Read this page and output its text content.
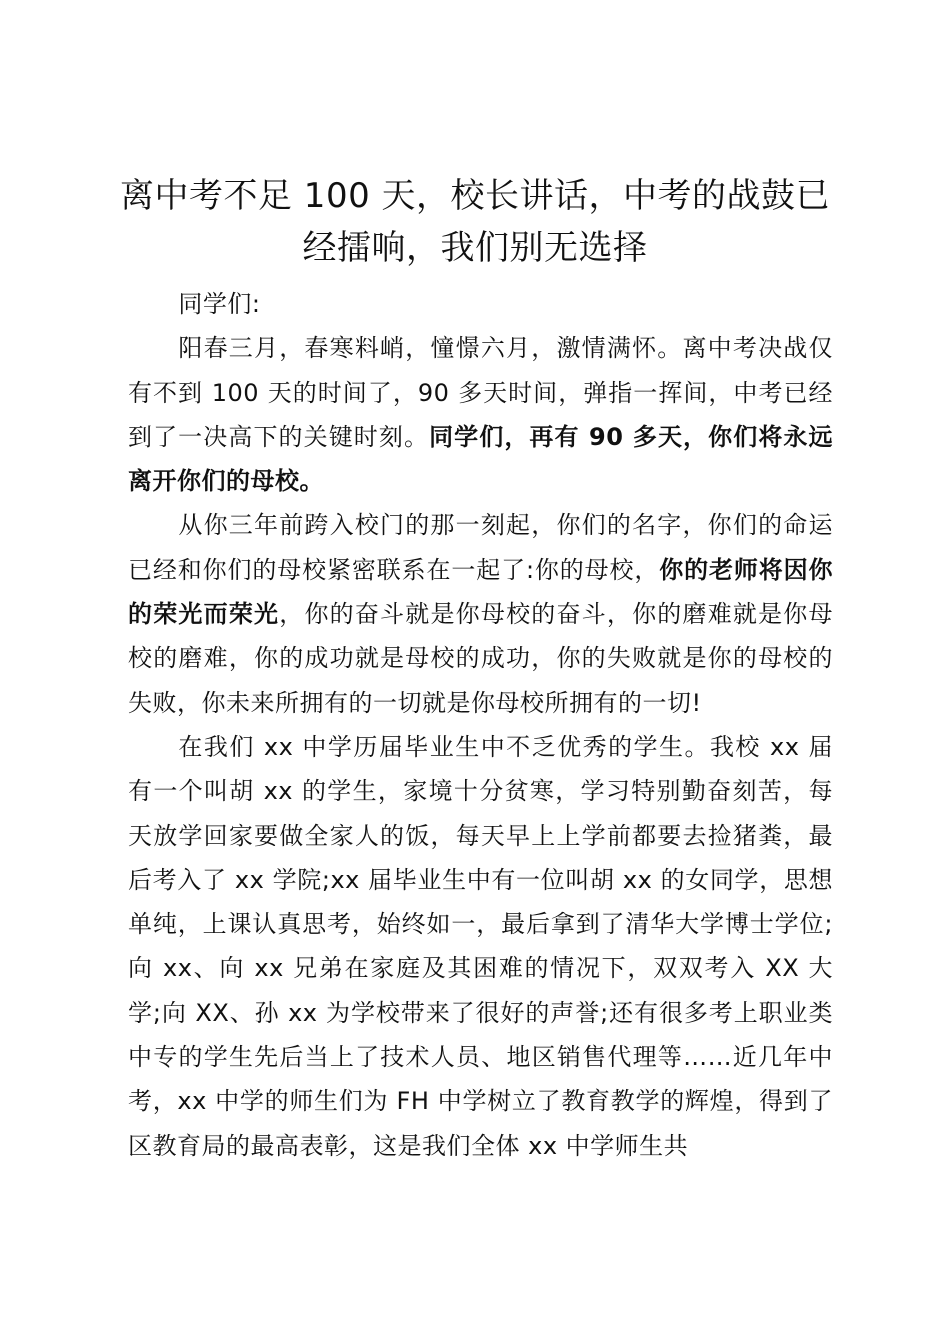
离中考不足 100 天，校长讲话，中考的战鼓已经擂响，我们别无选择

同学们:

阳春三月，春寒料峭，憧憬六月，激情满怀。离中考决战仅有不到 100 天的时间了，90 多天时间，弹指一挥间，中考已经到了一决高下的关键时刻。同学们，再有 90 多天，你们将永远离开你们的母校。

从你三年前跨入校门的那一刻起，你们的名字，你们的命运已经和你们的母校紧密联系在一起了:你的母校，你的老师将因你的荣光而荣光，你的奋斗就是你母校的奋斗，你的磨难就是你母校的磨难，你的成功就是母校的成功，你的失败就是你的母校的失败，你未来所拥有的一切就是你母校所拥有的一切!

在我们 xx 中学历届毕业生中不乏优秀的学生。我校 xx 届有一个叫胡 xx 的学生，家境十分贫寒，学习特别勤奋刻苦，每天放学回家要做全家人的饭，每天早上上学前都要去捡猪粪，最后考入了 xx 学院;xx 届毕业生中有一位叫胡 xx 的女同学，思想单纯，上课认真思考，始终如一，最后拿到了清华大学博士学位;向 xx、向 xx 兄弟在家庭及其困难的情况下，双双考入 XX 大学;向 XX、孙 xx 为学校带来了很好的声誉;还有很多考上职业类中专的学生先后当上了技术人员、地区销售代理等……近几年中考，xx 中学的师生们为 FH 中学树立了教育教学的辉煌，得到了区教育局的最高表彰，这是我们全体 xx 中学师生共
